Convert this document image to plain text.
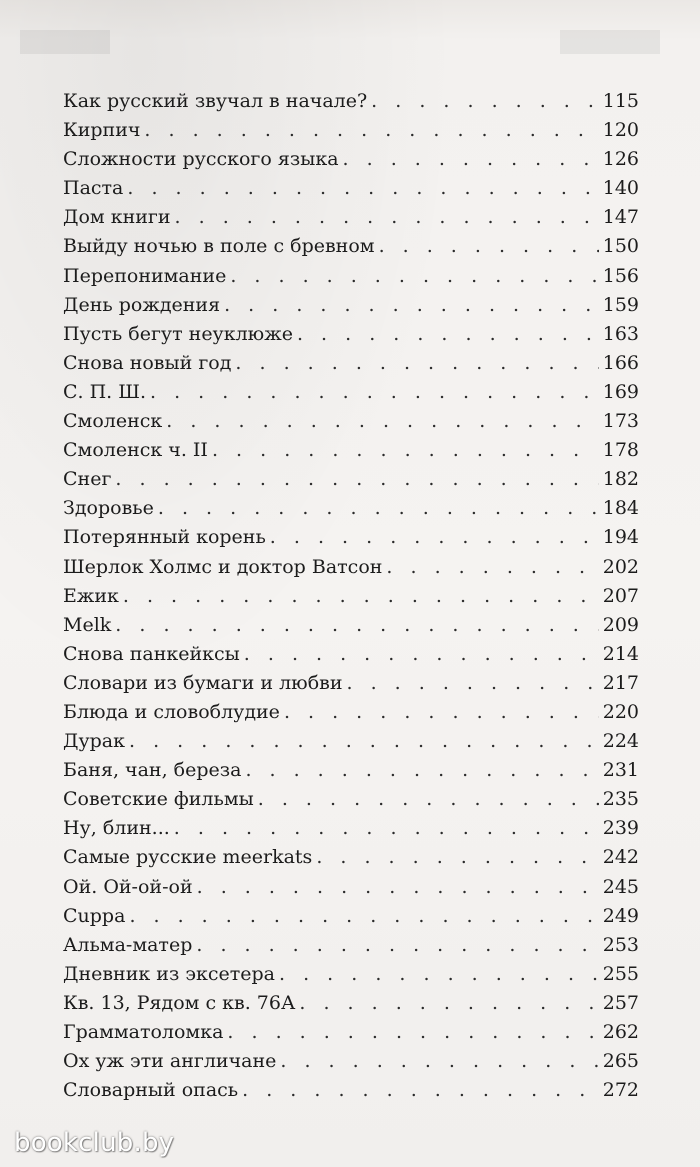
Как русский звучал в начале? . . .	115
Кирпич . . .	120
Сложности русского языка . . .	126
Паста . . .	140
Дом книги . . .	147
Выйду ночью в поле с бревном . . .	150
Перепонимание . . .	156
День рождения . . .	159
Пусть бегут неуклюже . . .	163
Снова новый год . . .	166
С. П. Ш. . . .	169
Смоленск . . .	173
Смоленск ч. II . . .	178
Снег . . .	182
Здоровье . . .	184
Потерянный корень . . .	194
Шерлок Холмс и доктор Ватсон . . .	202
Ежик . . .	207
Melk . . .	209
Снова панкейксы . . .	214
Словари из бумаги и любви . . .	217
Блюда и словоблудие . . .	220
Дурак . . .	224
Баня, чан, береза . . .	231
Советские фильмы . . .	235
Ну, блин... . . .	239
Самые русские meerkats . . .	242
Ой. Ой-ой-ой . . .	245
Cuppa . . .	249
Альма-матер . . .	253
Дневник из эксетера . . .	255
Кв. 13, Рядом с кв. 76А . . .	257
Грамматоломка . . .	262
Ох уж эти англичане . . .	265
Словарный опась . . .	272
bookclub.by
